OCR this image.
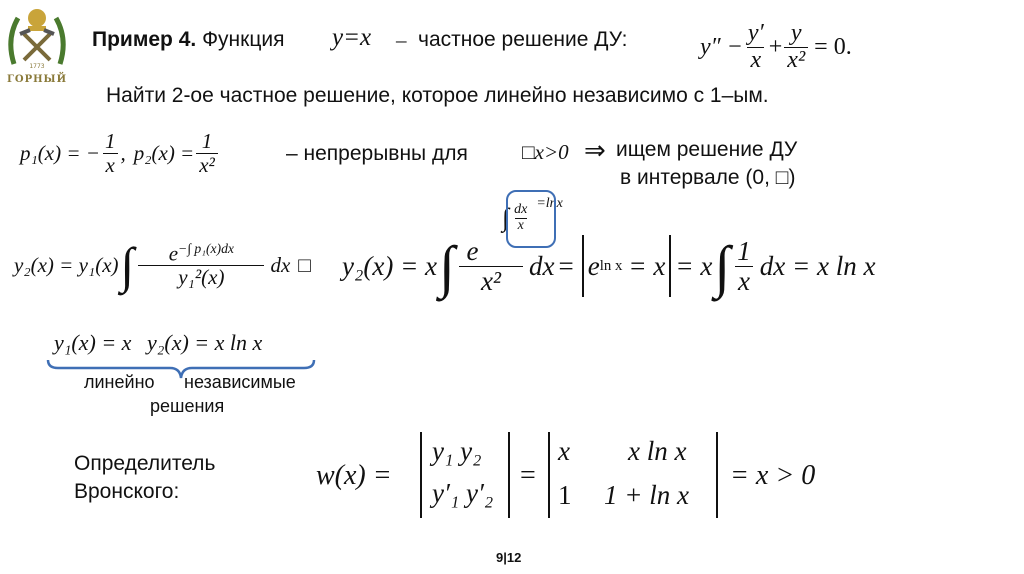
1773
ГОРНЫЙ
Пример 4. Функция y=x – частное решение ДУ:	$y'' - \frac{y'}{x} + \frac{y}{\text{x²}} = 0$.
Найти 2-ое частное решение, которое линейно независимо с 1–ым.
p₁(x) = − $\frac{1}{x}$ , $p_2(x) = \frac{1}{\text{x²}}$	– непрерывны для	□x>0 ⇒ ищем решение ДУ
в интервале (0, □)
∫ $\frac{dx}{x} =\ln x$
y₂(x) = y₁(x) ∫ $\frac{e^{-\int p_1(x)dx}}{\text{y₁²(x)}}$ dx □ y₂(x) = x ∫ $\frac{e}{\text{x²}}$ dx = e ln x = x = x ∫ $\frac{1}{x}$ dx = x ln x
y₁(x) = x y₂(x) = x ln x
линейно независимые
решения
Определитель
Вронского:
w(x) =
y₁ y₂
y′₁ y′₂
=
x x ln x
1 1 + ln x
= x > 0
9|12
